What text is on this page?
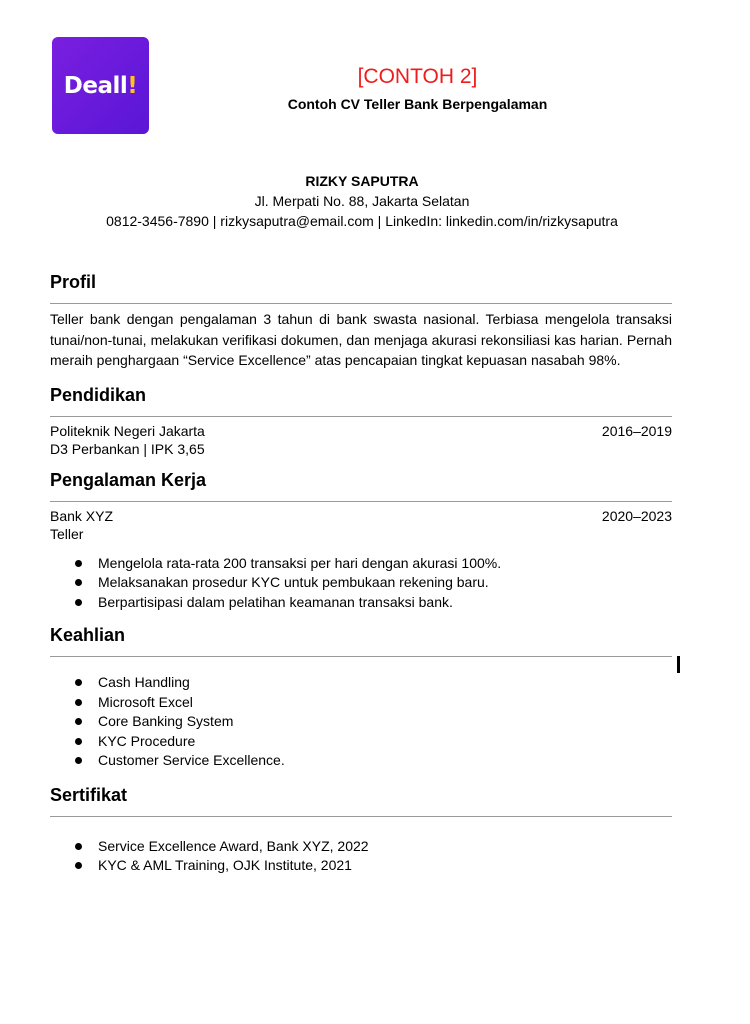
Deall!	[CONTOH 2]
Contoh CV Teller Bank Berpengalaman
RIZKY SAPUTRA
Jl. Merpati No. 88, Jakarta Selatan
0812-3456-7890 | rizkysaputra@email.com | LinkedIn: linkedin.com/in/rizkysaputra
Profil

Teller bank dengan pengalaman 3 tahun di bank swasta nasional. Terbiasa mengelola transaksi tunai/non-tunai, melakukan verifikasi dokumen, dan menjaga akurasi rekonsiliasi kas harian. Pernah meraih penghargaan “Service Excellence” atas pencapaian tingkat kepuasan nasabah 98%.

Pendidikan
Politeknik Negeri Jakarta	2016–2019
D3 Perbankan | IPK 3,65
Pengalaman Kerja
Bank XYZ	2020–2023
Teller
Mengelola rata-rata 200 transaksi per hari dengan akurasi 100%.
Melaksanakan prosedur KYC untuk pembukaan rekening baru.
Berpartisipasi dalam pelatihan keamanan transaksi bank.
Keahlian
Cash Handling
Microsoft Excel
Core Banking System
KYC Procedure
Customer Service Excellence.
Sertifikat
Service Excellence Award, Bank XYZ, 2022
KYC & AML Training, OJK Institute, 2021
